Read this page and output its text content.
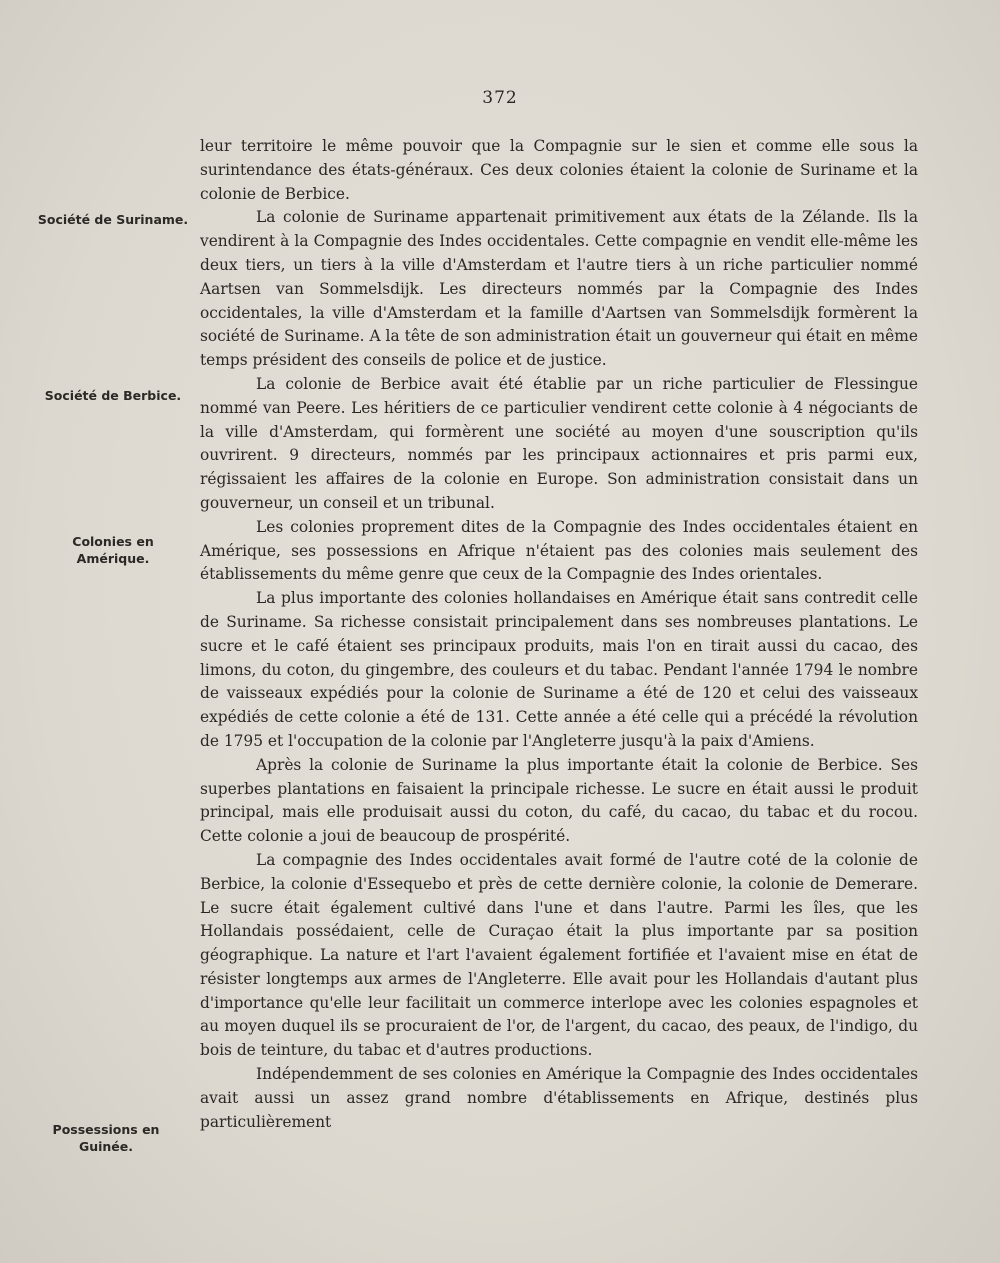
372
Société de Suriname.
Société de Berbice.
Colonies en Amérique.
Possessions en Guinée.

leur territoire le même pouvoir que la Compagnie sur le sien et comme elle sous la surintendance des états-généraux. Ces deux colonies étaient la colonie de Suriname et la colonie de Berbice.

La colonie de Suriname appartenait primitivement aux états de la Zélande. Ils la vendirent à la Compagnie des Indes occidentales. Cette compagnie en vendit elle-même les deux tiers, un tiers à la ville d'Amsterdam et l'autre tiers à un riche particulier nommé Aartsen van Sommelsdijk. Les directeurs nommés par la Compagnie des Indes occidentales, la ville d'Amsterdam et la famille d'Aartsen van Sommelsdijk formèrent la société de Suriname. A la tête de son administration était un gouverneur qui était en même temps président des conseils de police et de justice.

La colonie de Berbice avait été établie par un riche particulier de Flessingue nommé van Peere. Les héritiers de ce particulier vendirent cette colonie à 4 négociants de la ville d'Amsterdam, qui formèrent une société au moyen d'une souscription qu'ils ouvrirent. 9 directeurs, nommés par les principaux actionnaires et pris parmi eux, régissaient les affaires de la colonie en Europe. Son administration consistait dans un gouverneur, un conseil et un tribunal.

Les colonies proprement dites de la Compagnie des Indes occidentales étaient en Amérique, ses possessions en Afrique n'étaient pas des colonies mais seulement des établissements du même genre que ceux de la Compagnie des Indes orientales.

La plus importante des colonies hollandaises en Amérique était sans contredit celle de Suriname. Sa richesse consistait principalement dans ses nombreuses plantations. Le sucre et le café étaient ses principaux produits, mais l'on en tirait aussi du cacao, des limons, du coton, du gingembre, des couleurs et du tabac. Pendant l'année 1794 le nombre de vaisseaux expédiés pour la colonie de Suriname a été de 120 et celui des vaisseaux expédiés de cette colonie a été de 131. Cette année a été celle qui a précédé la révolution de 1795 et l'occupation de la colonie par l'Angleterre jusqu'à la paix d'Amiens.

Après la colonie de Suriname la plus importante était la colonie de Berbice. Ses superbes plantations en faisaient la principale richesse. Le sucre en était aussi le produit principal, mais elle produisait aussi du coton, du café, du cacao, du tabac et du rocou. Cette colonie a joui de beaucoup de prospérité.

La compagnie des Indes occidentales avait formé de l'autre coté de la colonie de Berbice, la colonie d'Essequebo et près de cette dernière colonie, la colonie de Demerare. Le sucre était également cultivé dans l'une et dans l'autre. Parmi les îles, que les Hollandais possédaient, celle de Curaçao était la plus importante par sa position géographique. La nature et l'art l'avaient également fortifiée et l'avaient mise en état de résister longtemps aux armes de l'Angleterre. Elle avait pour les Hollandais d'autant plus d'importance qu'elle leur facilitait un commerce interlope avec les colonies espagnoles et au moyen duquel ils se procuraient de l'or, de l'argent, du cacao, des peaux, de l'indigo, du bois de teinture, du tabac et d'autres productions.

Indépendemment de ses colonies en Amérique la Compagnie des Indes occidentales avait aussi un assez grand nombre d'établissements en Afrique, destinés plus particulièrement
